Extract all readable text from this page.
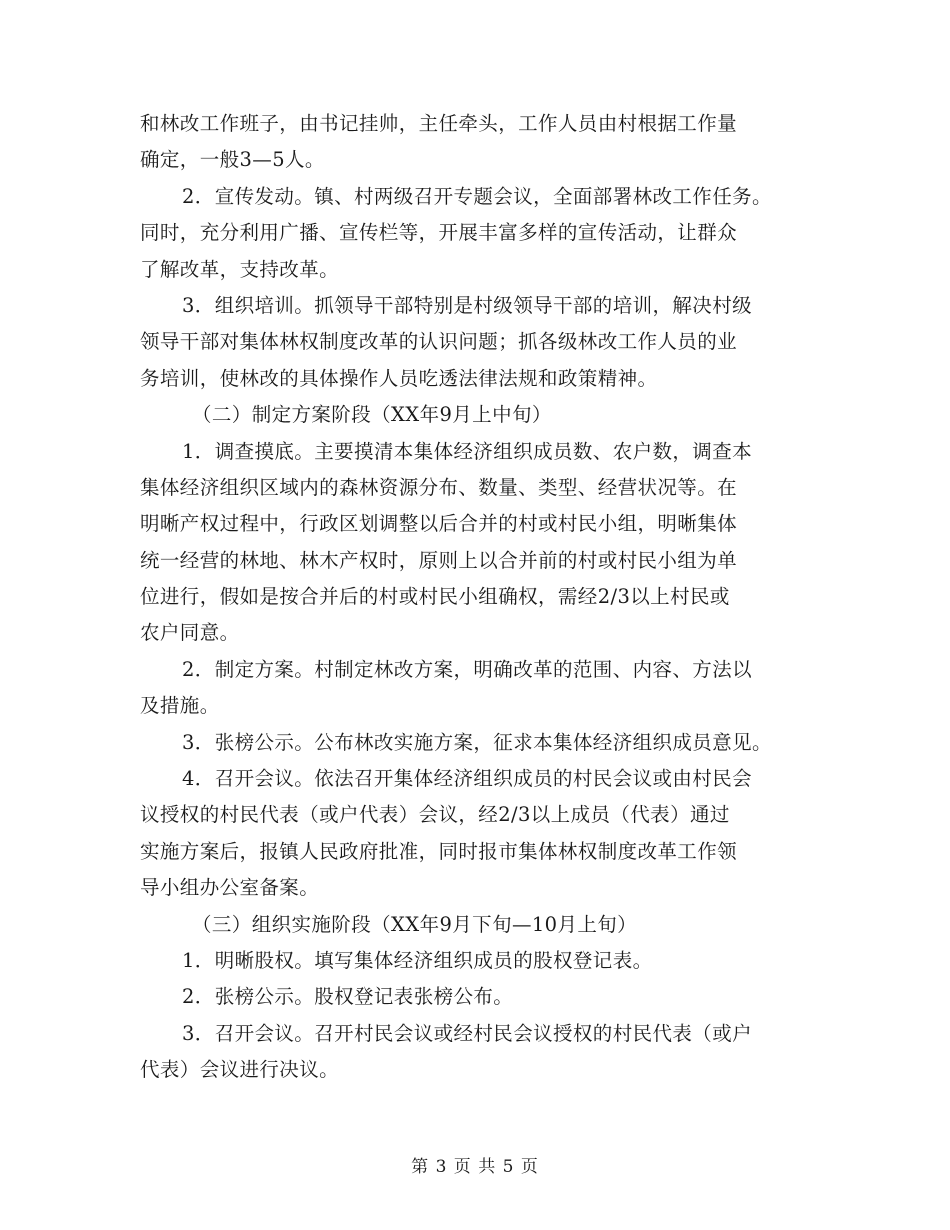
和林改工作班子，由书记挂帅，主任牵头，工作人员由村根据工作量
确定，一般3—5人。
2．宣传发动。镇、村两级召开专题会议，全面部署林改工作任务。
同时，充分利用广播、宣传栏等，开展丰富多样的宣传活动，让群众
了解改革，支持改革。
3．组织培训。抓领导干部特别是村级领导干部的培训，解决村级
领导干部对集体林权制度改革的认识问题；抓各级林改工作人员的业
务培训，使林改的具体操作人员吃透法律法规和政策精神。
（二）制定方案阶段（XX年9月上中旬）
1．调查摸底。主要摸清本集体经济组织成员数、农户数，调查本
集体经济组织区域内的森林资源分布、数量、类型、经营状况等。在
明晰产权过程中，行政区划调整以后合并的村或村民小组，明晰集体
统一经营的林地、林木产权时，原则上以合并前的村或村民小组为单
位进行，假如是按合并后的村或村民小组确权，需经2/3以上村民或
农户同意。
2．制定方案。村制定林改方案，明确改革的范围、内容、方法以
及措施。
3．张榜公示。公布林改实施方案，征求本集体经济组织成员意见。
4．召开会议。依法召开集体经济组织成员的村民会议或由村民会
议授权的村民代表（或户代表）会议，经2/3以上成员（代表）通过
实施方案后，报镇人民政府批准，同时报市集体林权制度改革工作领
导小组办公室备案。
（三）组织实施阶段（XX年9月下旬—10月上旬）
1．明晰股权。填写集体经济组织成员的股权登记表。
2．张榜公示。股权登记表张榜公布。
3．召开会议。召开村民会议或经村民会议授权的村民代表（或户
代表）会议进行决议。
第 3 页 共 5 页
